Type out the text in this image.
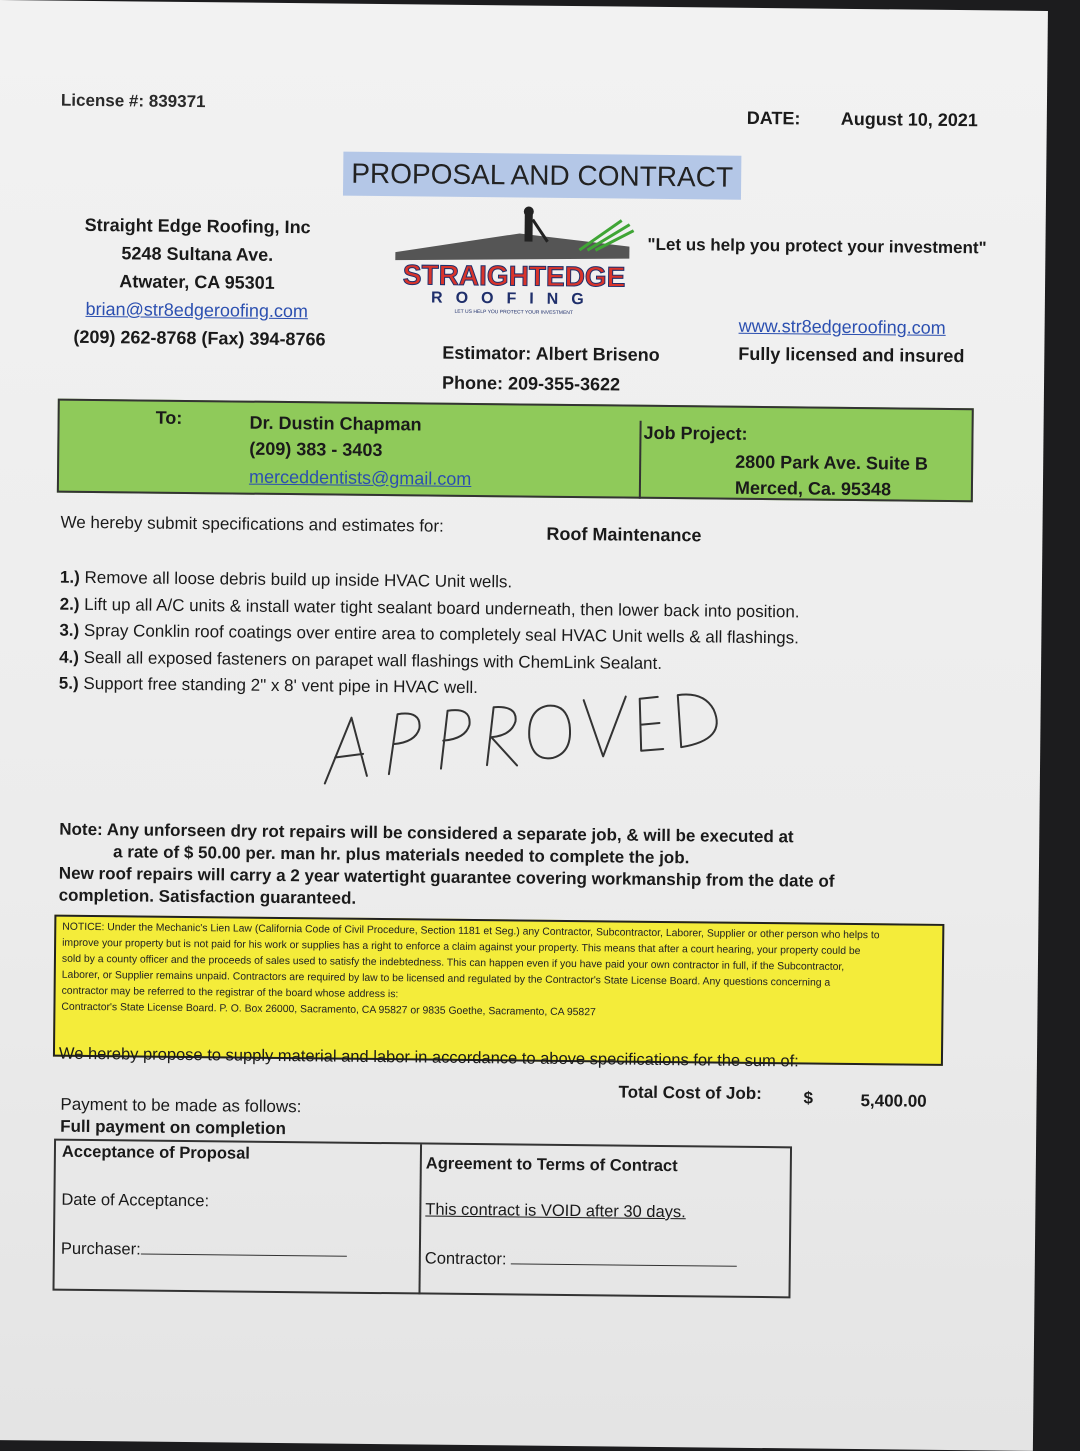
License #: 839371
DATE: August 10, 2021
PROPOSAL AND CONTRACT
Straight Edge Roofing, Inc
5248 Sultana Ave.
Atwater, CA 95301
brian@str8edgeroofing.com
(209) 262-8768 (Fax) 394-8766
STRAIGHTEDGE
ROOFING
LET US HELP YOU PROTECT YOUR INVESTMENT
"Let us help you protect your investment"
www.str8edgeroofing.com
Fully licensed and insured
Estimator: Albert Briseno
Phone: 209-355-3622
To:	Dr. Dustin Chapman
(209) 383 - 3403
merceddentists@gmail.com
Job Project:
2800 Park Ave. Suite B
Merced, Ca. 95348
We hereby submit specifications and estimates for:	Roof Maintenance
1.) Remove all loose debris build up inside HVAC Unit wells.
2.) Lift up all A/C units & install water tight sealant board underneath, then lower back into position.
3.) Spray Conklin roof coatings over entire area to completely seal HVAC Unit wells & all flashings.
4.) Seall all exposed fasteners on parapet wall flashings with ChemLink Sealant.
5.) Support free standing 2" x 8' vent pipe in HVAC well.
Note: Any unforseen dry rot repairs will be considered a separate job, & will be executed at
a rate of $ 50.00 per. man hr. plus materials needed to complete the job.
New roof repairs will carry a 2 year watertight guarantee covering workmanship from the date of
completion. Satisfaction guaranteed.
NOTICE: Under the Mechanic's Lien Law (California Code of Civil Procedure, Section 1181 et Seg.) any Contractor, Subcontractor, Laborer, Supplier or other person who helps to
improve your property but is not paid for his work or supplies has a right to enforce a claim against your property. This means that after a court hearing, your property could be
sold by a county officer and the proceeds of sales used to satisfy the indebtedness. This can happen even if you have paid your own contractor in full, if the Subcontractor,
Laborer, or Supplier remains unpaid. Contractors are required by law to be licensed and regulated by the Contractor's State License Board. Any questions concerning a
contractor may be referred to the registrar of the board whose address is:
Contractor's State License Board. P. O. Box 26000, Sacramento, CA 95827 or 9835 Goethe, Sacramento, CA 95827
We hereby propose to supply material and labor in accordance to above specifications for the sum of:
Total Cost of Job: $	5,400.00
Payment to be made as follows:
Full payment on completion
Acceptance of Proposal
Date of Acceptance:
Purchaser:
Agreement to Terms of Contract
This contract is VOID after 30 days.
Contractor:
